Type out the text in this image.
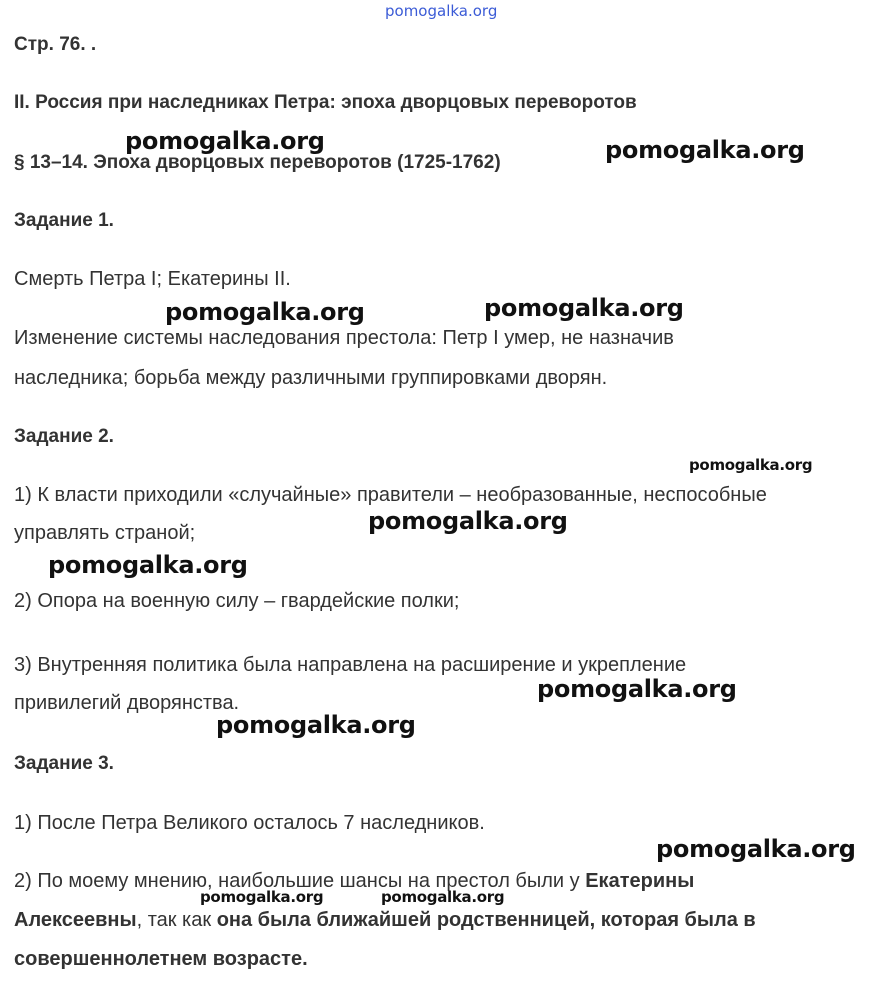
pomogalka.org
Стр. 76. .
II. Россия при наследниках Петра: эпоха дворцовых переворотов
§ 13–14. Эпоха дворцовых переворотов (1725-1762)
Задание 1.
Смерть Петра I; Екатерины II.
Изменение системы наследования престола: Петр I умер, не назначив
наследника; борьба между различными группировками дворян.
Задание 2.
1) К власти приходили «случайные» правители – необразованные, неспособные
управлять страной;
2) Опора на военную силу – гвардейские полки;
3) Внутренняя политика была направлена на расширение и укрепление
привилегий дворянства.
Задание 3.
1) После Петра Великого осталось 7 наследников.
2) По моему мнению, наибольшие шансы на престол были у Екатерины
Алексеевны, так как она была ближайшей родственницей, которая была в
совершеннолетнем возрасте.
pomogalka.org	pomogalka.org
pomogalka.org	pomogalka.org
pomogalka.org
pomogalka.org
pomogalka.org
pomogalka.org
pomogalka.org
pomogalka.org
pomogalka.org	pomogalka.org
